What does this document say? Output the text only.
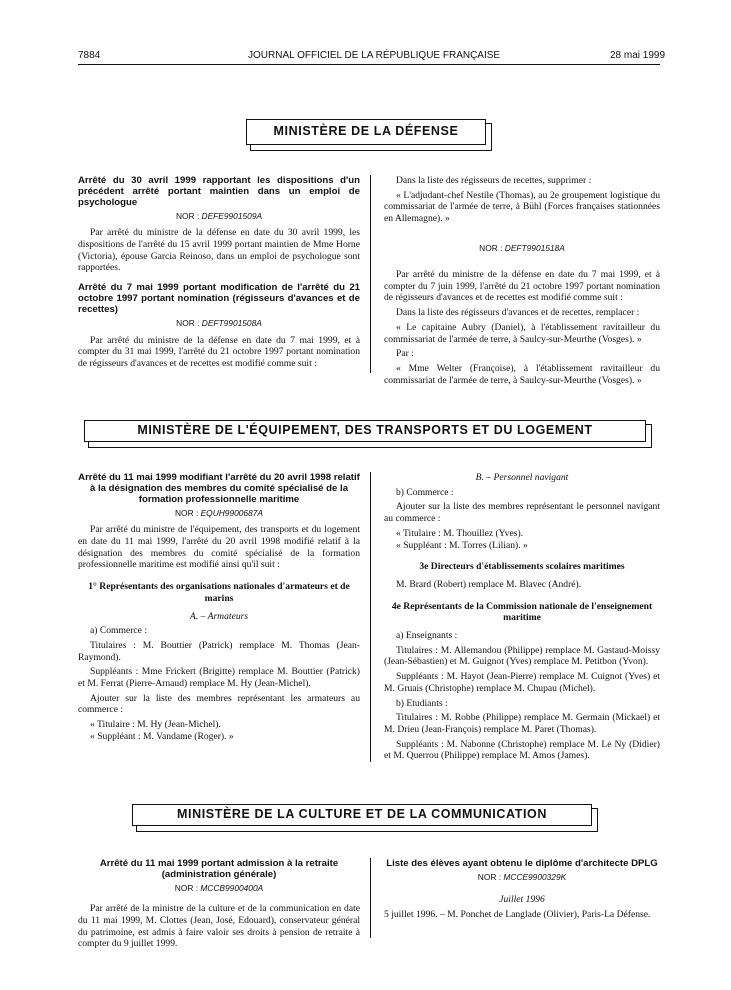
7884	JOURNAL OFFICIEL DE LA RÉPUBLIQUE FRANÇAISE	28 mai 1999
MINISTÈRE DE LA DÉFENSE

Arrêté du 30 avril 1999 rapportant les dispositions d'un précédent arrêté portant maintien dans un emploi de psychologue

NOR : DEFE9901509A

Par arrêté du ministre de la défense en date du 30 avril 1999, les dispositions de l'arrêté du 15 avril 1999 portant maintien de Mme Horne (Victoria), épouse Garcia Reinoso, dans un emploi de psychologue sont rapportées.

Arrêté du 7 mai 1999 portant modification de l'arrêté du 21 octobre 1997 portant nomination (régisseurs d'avances et de recettes)

NOR : DEFT9901508A

Par arrêté du ministre de la défense en date du 7 mai 1999, et à compter du 31 mai 1999, l'arrêté du 21 octobre 1997 portant nomination de régisseurs d'avances et de recettes est modifié comme suit :

Dans la liste des régisseurs de recettes, supprimer :

« L'adjudant-chef Nestile (Thomas), au 2e groupement logistique du commissariat de l'armée de terre, à Bühl (Forces françaises stationnées en Allemagne). »

NOR : DEFT9901518A

Par arrêté du ministre de la défense en date du 7 mai 1999, et à compter du 7 juin 1999, l'arrêté du 21 octobre 1997 portant nomination de régisseurs d'avances et de recettes est modifié comme suit :

Dans la liste des régisseurs d'avances et de recettes, remplacer :

« Le capitaine Aubry (Daniel), à l'établissement ravitailleur du commissariat de l'armée de terre, à Saulcy-sur-Meurthe (Vosges). »

Par :

« Mme Welter (Françoise), à l'établissement ravitailleur du commissariat de l'armée de terre, à Saulcy-sur-Meurthe (Vosges). »

MINISTÈRE DE L'ÉQUIPEMENT, DES TRANSPORTS ET DU LOGEMENT

Arrêté du 11 mai 1999 modifiant l'arrêté du 20 avril 1998 relatif à la désignation des membres du comité spécialisé de la formation professionnelle maritime

NOR : EQUH9900687A

Par arrêté du ministre de l'équipement, des transports et du logement en date du 11 mai 1999, l'arrêté du 20 avril 1998 modifié relatif à la désignation des membres du comité spécialisé de la formation professionnelle maritime est modifié ainsi qu'il suit :

1° Représentants des organisations nationales d'armateurs et de marins

A. – Armateurs

a) Commerce :

Titulaires : M. Bouttier (Patrick) remplace M. Thomas (Jean-Raymond).

Suppléants : Mme Frickert (Brigitte) remplace M. Bouttier (Patrick) et M. Ferrat (Pierre-Arnaud) remplace M. Hy (Jean-Michel).

Ajouter sur la liste des membres représentant les armateurs au commerce :

« Titulaire : M. Hy (Jean-Michel).

« Suppléant : M. Vandame (Roger). »

B. – Personnel navigant

b) Commerce :

Ajouter sur la liste des membres représentant le personnel navigant au commerce :

« Titulaire : M. Thouillez (Yves).

« Suppléant : M. Torres (Lilian). »

3e Directeurs d'établissements scolaires maritimes

M. Brard (Robert) remplace M. Blavec (André).

4e Représentants de la Commission nationale de l'enseignement maritime

a) Enseignants :

Titulaires : M. Allemandou (Philippe) remplace M. Gastaud-Moissy (Jean-Sébastien) et M. Guignot (Yves) remplace M. Petitbon (Yvon).

Suppléants : M. Hayot (Jean-Pierre) remplace M. Cuignot (Yves) et M. Gruais (Christophe) remplace M. Chupau (Michel).

b) Etudiants :

Titulaires : M. Robbe (Philippe) remplace M. Germain (Mickael) et M. Drieu (Jean-François) remplace M. Paret (Thomas).

Suppléants : M. Nabonne (Christophe) remplace M. Le Ny (Didier) et M. Querrou (Philippe) remplace M. Amos (James).

MINISTÈRE DE LA CULTURE ET DE LA COMMUNICATION

Arrêté du 11 mai 1999 portant admission à la retraite (administration générale)

NOR : MCCB9900400A

Par arrêté de la ministre de la culture et de la communication en date du 11 mai 1999, M. Clottes (Jean, José, Edouard), conservateur général du patrimoine, est admis à faire valoir ses droits à pension de retraite à compter du 9 juillet 1999.

Liste des élèves ayant obtenu le diplôme d'architecte DPLG

NOR : MCCE9900329K

Juillet 1996

5 juillet 1996. – M. Ponchet de Langlade (Olivier), Paris-La Défense.
